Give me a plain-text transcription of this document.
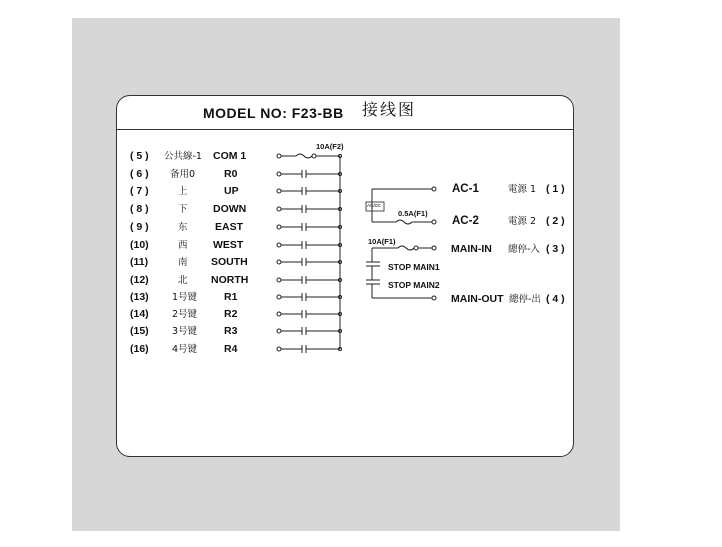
MODEL NO: F23-BB 接线图
( 5 ) 公共線-1 COM 1
( 6 ) 备用0	R0
( 7 )	上	UP
( 8 )	下 DOWN
( 9 )	东	EAST
(10)	西 WEST
(11)	南 SOUTH
(12)	北 NORTH
(13) 1号键	R1
(14) 2号键	R2
(15) 3号键	R3
(16) 4号键	R4
10A(F2)
AC-1	電源 1 ( 1 )
AC/DC
0.5A(F1)
AC-2	電源 2 ( 2 )
10A(F1)
MAIN-IN 總停-入 ( 3 )
STOP MAIN1
STOP MAIN2
MAIN-OUT 總停-出 ( 4 )
